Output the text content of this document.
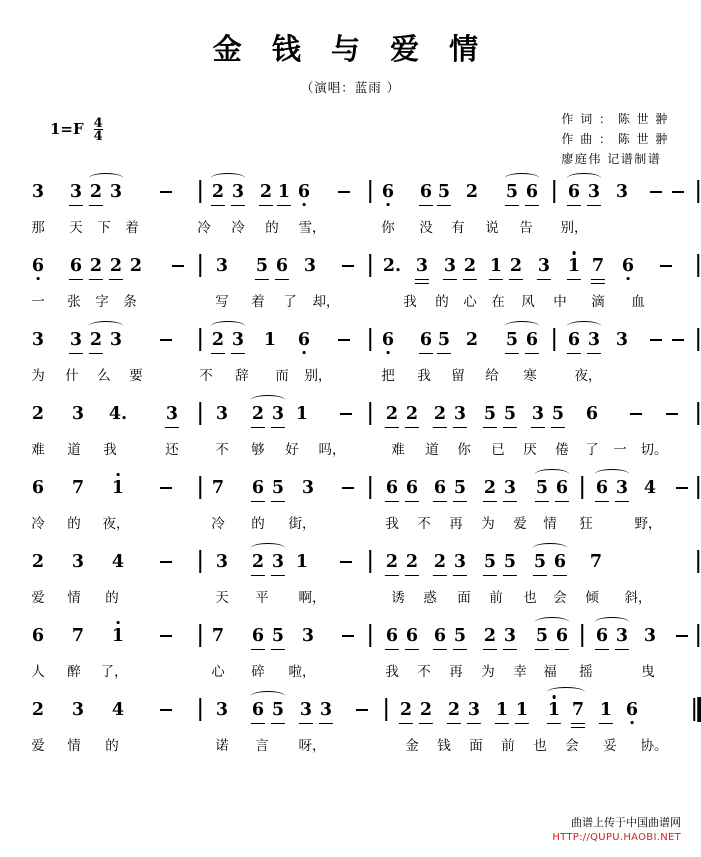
金 钱 与 爱 情
（演唱：蓝雨 ）
作 词 ： 陈 世 翀
作 曲 ： 陈 世 翀
廖庭伟 记谱制谱
$1=F \frac{4}{4}$
3 3 2 3	2 3 2 1 6	6 6 5 2 5 6 6 3 3
那 天 下 着	冷 冷 的 雪，	你 没 有 说 告 别，
6 6 2 2 2	3 5 6 3	2. 3 3 2 1 2 3 1 7 6
一 张 字 条	写 着 了 却，	我 的 心 在 风 中 滴 血
3 3 2 3	2 3 1 6	6 6 5 2 5 6 6 3 3
为 什 么 要	不 辞 而 别，	把 我 留 给 寒	夜，
2 3 4. 3 3 2 3 1	2 2 2 3 5 5 3 5 6
难 道 我	还	不 够 好 吗，	难 道 你 已 厌 倦 了 一 切。
6 7 1	7 6 5 3	6 6 6 5 2 3 5 6 6 3 4
冷 的 夜，	冷 的 街，	我 不 再 为 爱 情 狂	野，
2 3 4	3 2 3 1	2 2 2 3 5 5 5 6 7
爱 情 的	天 平 啊，	诱 惑 面 前 也 会 倾 斜，
6 7 1	7 6 5 3	6 6 6 5 2 3 5 6 6 3 3
人 醉 了，	心 碎 啦，	我 不 再 为 幸 福 摇	曳
2 3 4	3 6 5 3 3	2 2 2 3 1 1 1 7 1 6
爱 情 的	诺 言 呀，	金 钱 面 前 也 会 妥 协。
曲谱上传于中国曲谱网
HTTP://QUPU.HAOBI.NET
